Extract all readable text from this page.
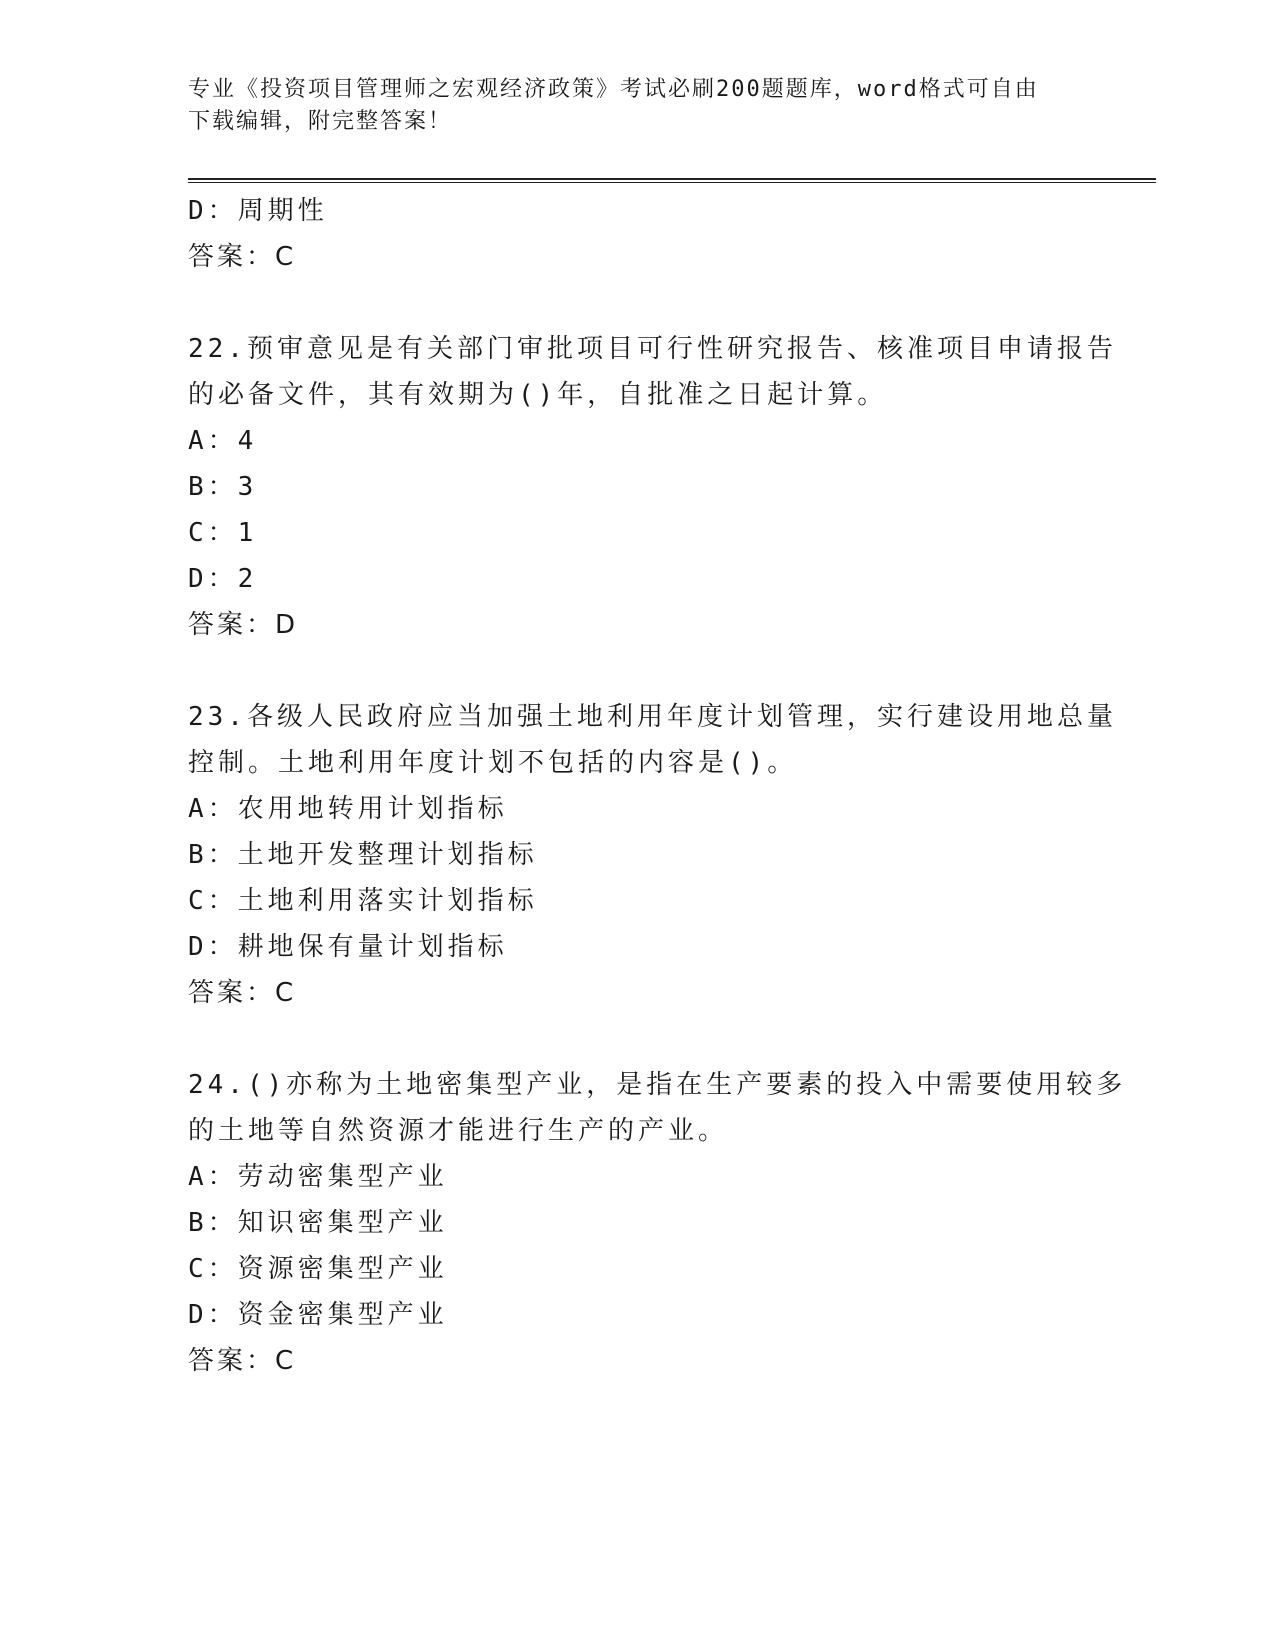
专业《投资项目管理师之宏观经济政策》考试必刷200题题库，word格式可自由
下载编辑，附完整答案！
D：周期性
答案：C
22.预审意见是有关部门审批项目可行性研究报告、核准项目申请报告
的必备文件，其有效期为()年，自批准之日起计算。
A：4
B：3
C：1
D：2
答案：D
23.各级人民政府应当加强土地利用年度计划管理，实行建设用地总量
控制。土地利用年度计划不包括的内容是()。
A：农用地转用计划指标
B：土地开发整理计划指标
C：土地利用落实计划指标
D：耕地保有量计划指标
答案：C
24.()亦称为土地密集型产业，是指在生产要素的投入中需要使用较多
的土地等自然资源才能进行生产的产业。
A：劳动密集型产业
B：知识密集型产业
C：资源密集型产业
D：资金密集型产业
答案：C
